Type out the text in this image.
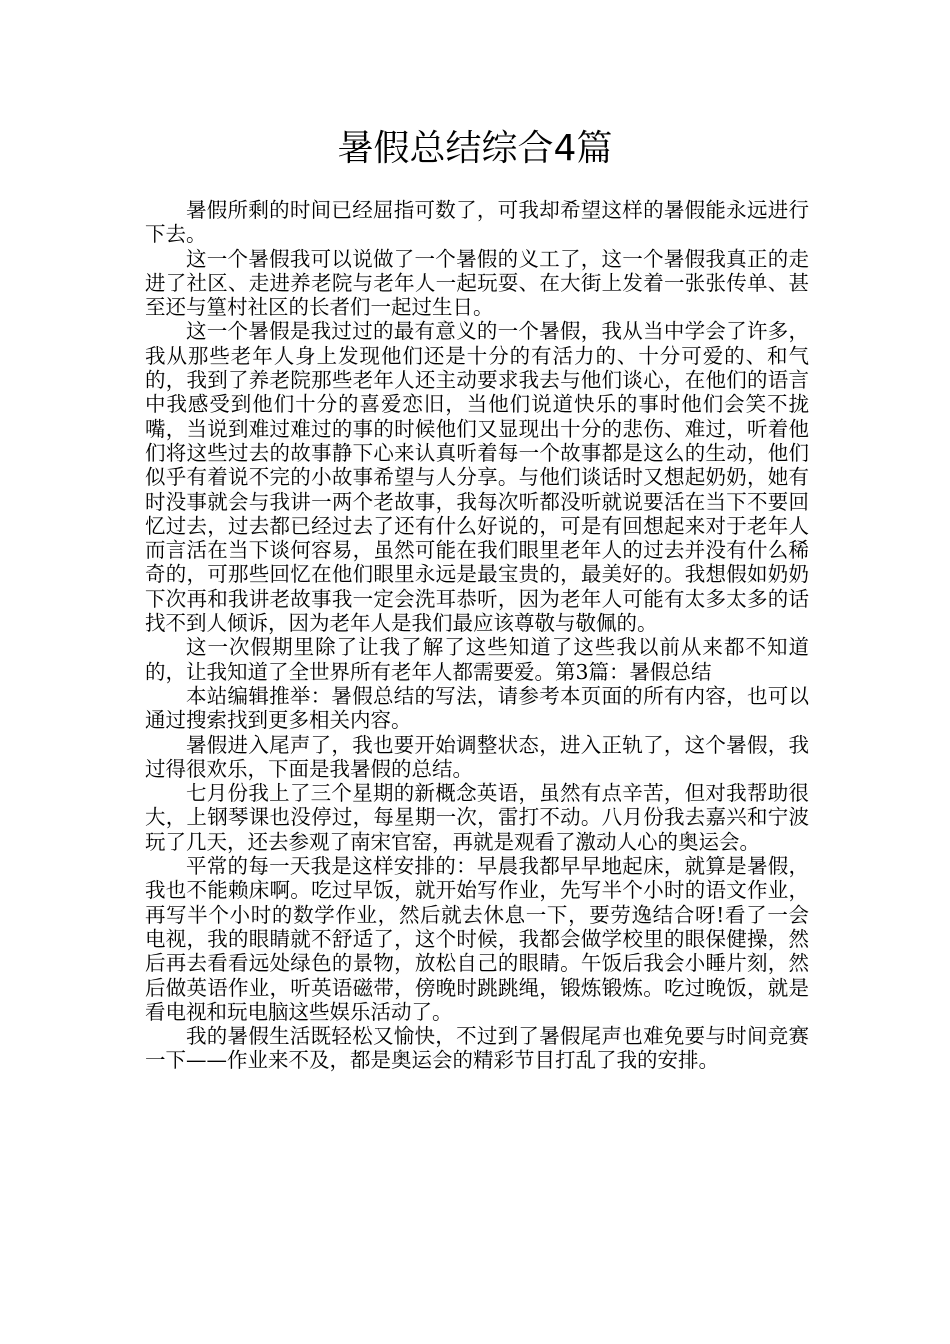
暑假总结综合4篇

暑假所剩的时间已经屈指可数了，可我却希望这样的暑假能永远进行下去。

这一个暑假我可以说做了一个暑假的义工了，这一个暑假我真正的走进了社区、走进养老院与老年人一起玩耍、在大街上发着一张张传单、甚至还与篁村社区的长者们一起过生日。

这一个暑假是我过过的最有意义的一个暑假，我从当中学会了许多，我从那些老年人身上发现他们还是十分的有活力的、十分可爱的、和气的，我到了养老院那些老年人还主动要求我去与他们谈心，在他们的语言中我感受到他们十分的喜爱恋旧，当他们说道快乐的事时他们会笑不拢嘴，当说到难过难过的事的时候他们又显现出十分的悲伤、难过，听着他们将这些过去的故事静下心来认真听着每一个故事都是这么的生动，他们似乎有着说不完的小故事希望与人分享。与他们谈话时又想起奶奶，她有时没事就会与我讲一两个老故事，我每次听都没听就说要活在当下不要回忆过去，过去都已经过去了还有什么好说的，可是有回想起来对于老年人而言活在当下谈何容易，虽然可能在我们眼里老年人的过去并没有什么稀奇的，可那些回忆在他们眼里永远是最宝贵的，最美好的。我想假如奶奶下次再和我讲老故事我一定会洗耳恭听，因为老年人可能有太多太多的话找不到人倾诉，因为老年人是我们最应该尊敬与敬佩的。

这一次假期里除了让我了解了这些知道了这些我以前从来都不知道的，让我知道了全世界所有老年人都需要爱。第3篇：暑假总结

本站编辑推举：暑假总结的写法，请参考本页面的所有内容，也可以通过搜索找到更多相关内容。

暑假进入尾声了，我也要开始调整状态，进入正轨了，这个暑假，我过得很欢乐，下面是我暑假的总结。

七月份我上了三个星期的新概念英语，虽然有点辛苦，但对我帮助很大，上钢琴课也没停过，每星期一次，雷打不动。八月份我去嘉兴和宁波玩了几天，还去参观了南宋官窑，再就是观看了激动人心的奥运会。

平常的每一天我是这样安排的：早晨我都早早地起床，就算是暑假，我也不能赖床啊。吃过早饭，就开始写作业，先写半个小时的语文作业，再写半个小时的数学作业，然后就去休息一下，要劳逸结合呀!看了一会电视，我的眼睛就不舒适了，这个时候，我都会做学校里的眼保健操，然后再去看看远处绿色的景物，放松自己的眼睛。午饭后我会小睡片刻，然后做英语作业，听英语磁带，傍晚时跳跳绳，锻炼锻炼。吃过晚饭，就是看电视和玩电脑这些娱乐活动了。

我的暑假生活既轻松又愉快，不过到了暑假尾声也难免要与时间竞赛一下——作业来不及，都是奥运会的精彩节目打乱了我的安排。
